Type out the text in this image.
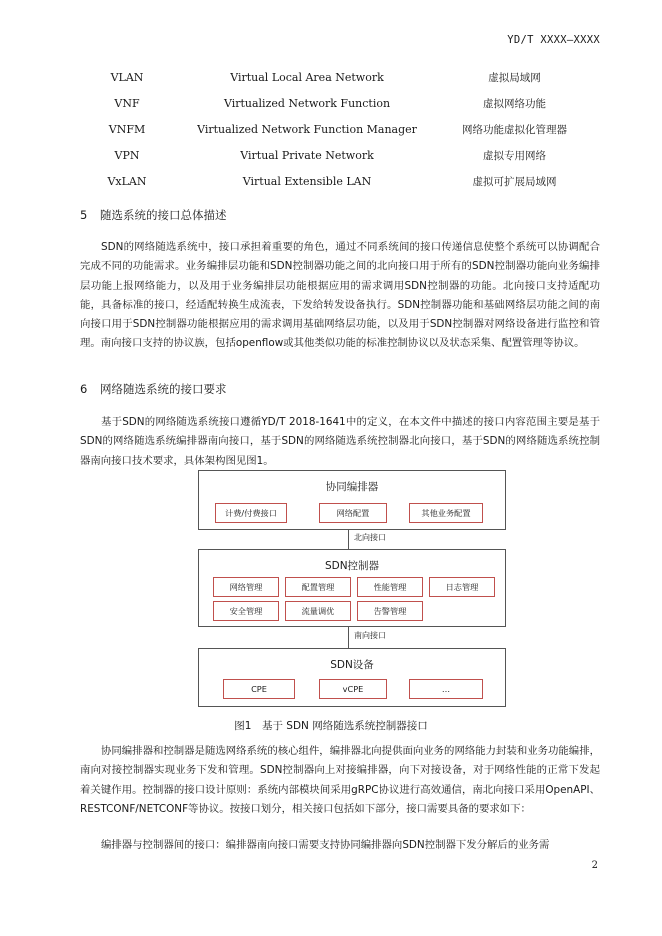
YD/T XXXX—XXXX
VLAN	Virtual Local Area Network	虚拟局域网
VNF	Virtualized Network Function	虚拟网络功能
VNFM	Virtualized Network Function Manager	网络功能虚拟化管理器
VPN	Virtual Private Network	虚拟专用网络
VxLAN	Virtual Extensible LAN	虚拟可扩展局域网
5 随选系统的接口总体描述

SDN的网络随选系统中，接口承担着重要的角色，通过不同系统间的接口传递信息使整个系统可以协调配合完成不同的功能需求。业务编排层功能和SDN控制器功能之间的北向接口用于所有的SDN控制器功能向业务编排层功能上报网络能力，以及用于业务编排层功能根据应用的需求调用SDN控制器的功能。北向接口支持适配功能，具备标准的接口，经适配转换生成流表，下发给转发设备执行。SDN控制器功能和基础网络层功能之间的南向接口用于SDN控制器功能根据应用的需求调用基础网络层功能，以及用于SDN控制器对网络设备进行监控和管理。南向接口支持的协议族，包括openflow或其他类似功能的标准控制协议以及状态采集、配置管理等协议。

6 网络随选系统的接口要求

基于SDN的网络随选系统接口遵循YD/T 2018-1641中的定义，在本文件中描述的接口内容范围主要是基于SDN的网络随选系统编排器南向接口，基于SDN的网络随选系统控制器北向接口，基于SDN的网络随选系统控制器南向接口技术要求，具体架构图见图1。

协同编排器
计费/付费接口	网络配置	其他业务配置
北向接口
SDN控制器
网络管理	配置管理	性能管理	日志管理
安全管理	流量调优	告警管理
南向接口
SDN设备
CPE	vCPE	…
图1　基于 SDN 网络随选系统控制器接口

协同编排器和控制器是随选网络系统的核心组件，编排器北向提供面向业务的网络能力封装和业务功能编排，南向对接控制器实现业务下发和管理。SDN控制器向上对接编排器，向下对接设备，对于网络性能的正常下发起着关键作用。控制器的接口设计原则：系统内部模块间采用gRPC协议进行高效通信，南北向接口采用OpenAPI、RESTCONF/NETCONF等协议。按接口划分，相关接口包括如下部分，接口需要具备的要求如下：

编排器与控制器间的接口：编排器南向接口需要支持协同编排器向SDN控制器下发分解后的业务需

2
